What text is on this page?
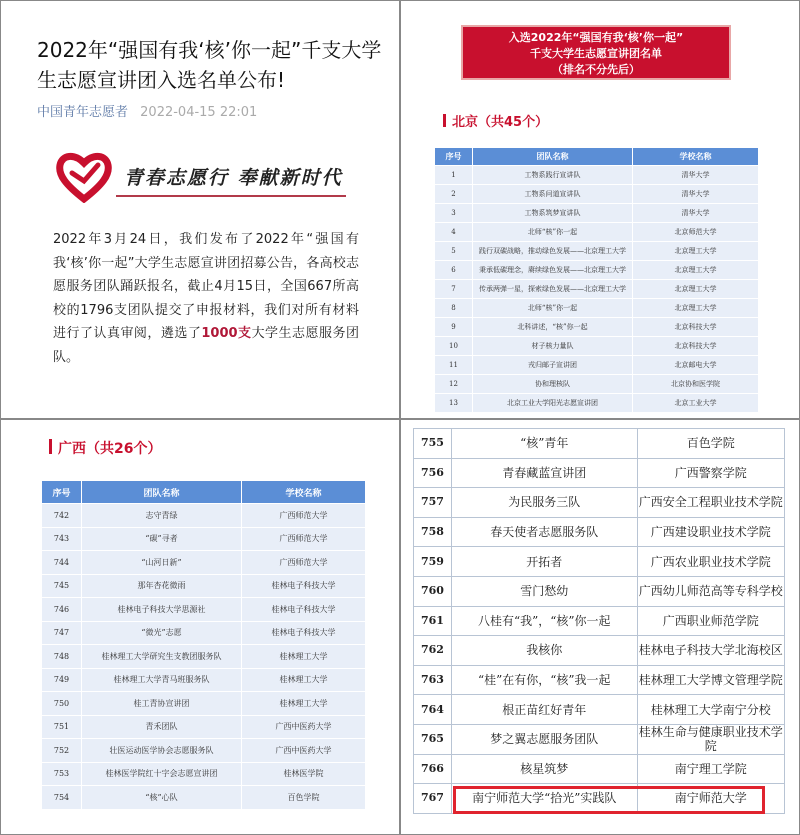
2022年“强国有我‘核’你一起”千支大学生志愿宣讲团入选名单公布!
中国青年志愿者 2022-04-15 22:01
青春志愿行 奉献新时代
2022年3月24日，我们发布了2022年“强国有我‘核’你一起”大学生志愿宣讲团招募公告，各高校志愿服务团队踊跃报名，截止4月15日，全国667所高校的1796支团队提交了申报材料，我们对所有材料进行了认真审阅，遴选了1000支大学生志愿服务团队。
入选2022年“强国有我‘核’你一起”
千支大学生志愿宣讲团名单
（排名不分先后）
北京（共45个）
序号	团队名称	学校名称
1	工物系践行宣讲队	清华大学
2	工物系问道宣讲队	清华大学
3	工物系筑梦宣讲队	清华大学
4	北师“核”你一起	北京师范大学
5	践行双碳战略，推动绿色发展——北京理工大学	北京理工大学
6	秉承低碳理念，赓续绿色发展——北京理工大学	北京理工大学
7	传承两弹一星，探索绿色发展——北京理工大学	北京理工大学
8	北师“核”你一起	北京理工大学
9	北科讲述，“核”你一起	北京科技大学
10	材子核力量队	北京科技大学
11	戎归邮子宣讲团	北京邮电大学
12	协和理核队	北京协和医学院
13	北京工业大学阳光志愿宣讲团	北京工业大学
广西（共26个）
序号	团队名称	学校名称
742	志守青绿	广西师范大学
743	“碳”寻者	广西师范大学
744	“山河日新”	广西师范大学
745	那年杏花微雨	桂林电子科技大学
746	桂林电子科技大学思源社	桂林电子科技大学
747	“微光”志愿	桂林电子科技大学
748	桂林理工大学研究生支教团服务队	桂林理工大学
749	桂林理工大学青马班服务队	桂林理工大学
750	桂工青协宣讲团	桂林理工大学
751	青禾团队	广西中医药大学
752	壮医运动医学协会志愿服务队	广西中医药大学
753	桂林医学院红十字会志愿宣讲团	桂林医学院
754	“核”心队	百色学院
755	“核”青年	百色学院
756	青春藏蓝宣讲团	广西警察学院
757	为民服务三队	广西安全工程职业技术学院
758	春天使者志愿服务队	广西建设职业技术学院
759	开拓者	广西农业职业技术学院
760	雪门愁幼	广西幼儿师范高等专科学校
761	八桂有“我”，“核”你一起	广西职业师范学院
762	我核你	桂林电子科技大学北海校区
763	“桂”在有你，“核”我一起	桂林理工大学博文管理学院
764	根正苗红好青年	桂林理工大学南宁分校
765	梦之翼志愿服务团队	桂林生命与健康职业技术学院
766	核星筑梦	南宁理工学院
767	南宁师范大学“拾光”实践队	南宁师范大学
